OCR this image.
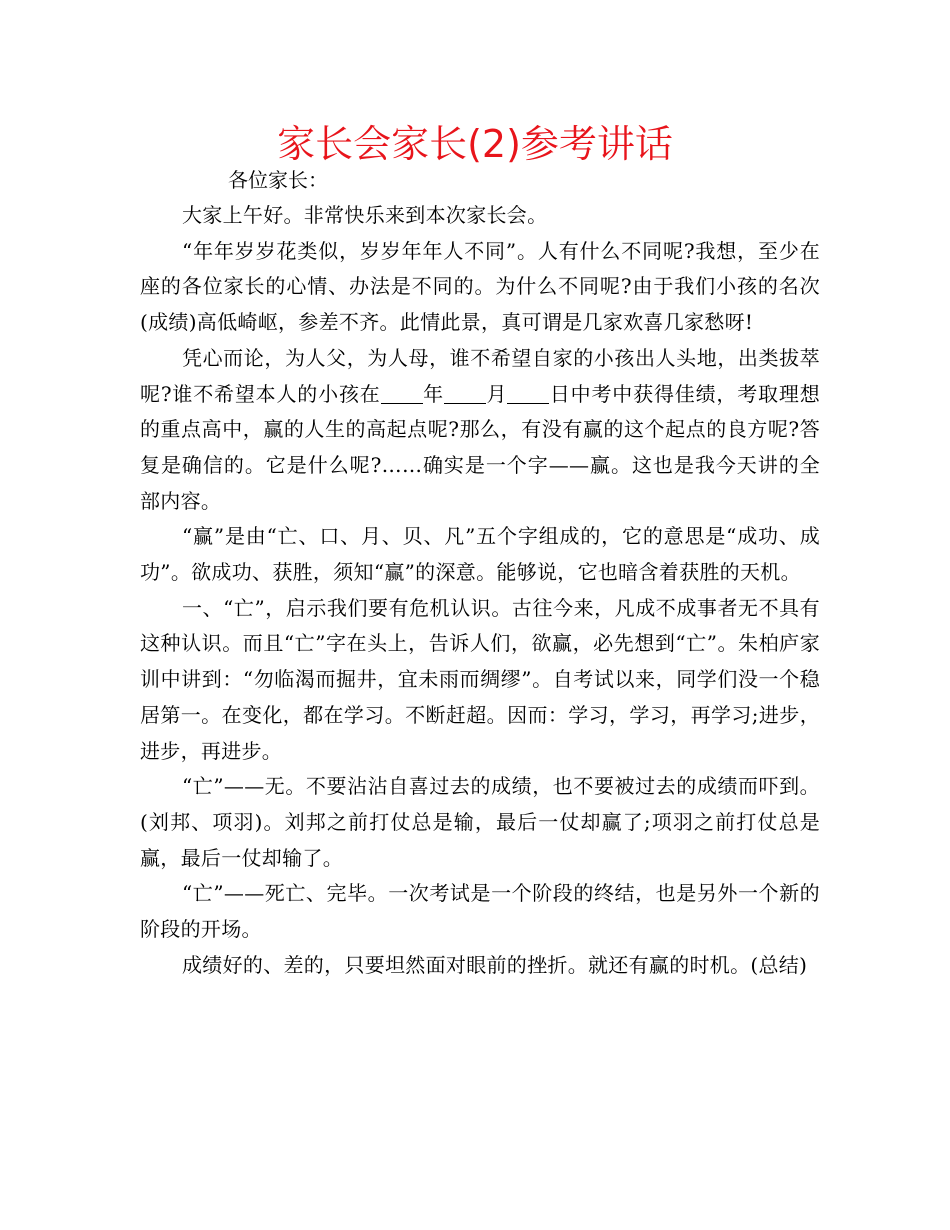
家长会家长(2)参考讲话

各位家长：

大家上午好。非常快乐来到本次家长会。

“年年岁岁花类似，岁岁年年人不同”。人有什么不同呢?我想，至少在座的各位家长的心情、办法是不同的。为什么不同呢?由于我们小孩的名次(成绩)高低崎岖，参差不齐。此情此景，真可谓是几家欢喜几家愁呀!

凭心而论，为人父，为人母，谁不希望自家的小孩出人头地，出类拔萃呢?谁不希望本人的小孩在 年 月 日中考中获得佳绩，考取理想的重点高中，赢的人生的高起点呢?那么，有没有赢的这个起点的良方呢?答复是确信的。它是什么呢?……确实是一个字——赢。这也是我今天讲的全部内容。

“赢”是由“亡、口、月、贝、凡”五个字组成的，它的意思是“成功、成功”。欲成功、获胜，须知“赢”的深意。能够说，它也暗含着获胜的天机。

一、“亡”，启示我们要有危机认识。古往今来，凡成不成事者无不具有这种认识。而且“亡”字在头上，告诉人们，欲赢，必先想到“亡”。朱柏庐家训中讲到：“勿临渴而掘井，宜未雨而绸缪”。自考试以来，同学们没一个稳居第一。在变化，都在学习。不断赶超。因而：学习，学习，再学习;进步，进步，再进步。

“亡”——无。不要沾沾自喜过去的成绩，也不要被过去的成绩而吓到。(刘邦、项羽)。刘邦之前打仗总是输，最后一仗却赢了;项羽之前打仗总是赢，最后一仗却输了。

“亡”——死亡、完毕。一次考试是一个阶段的终结，也是另外一个新的阶段的开场。

成绩好的、差的，只要坦然面对眼前的挫折。就还有赢的时机。(总结)
